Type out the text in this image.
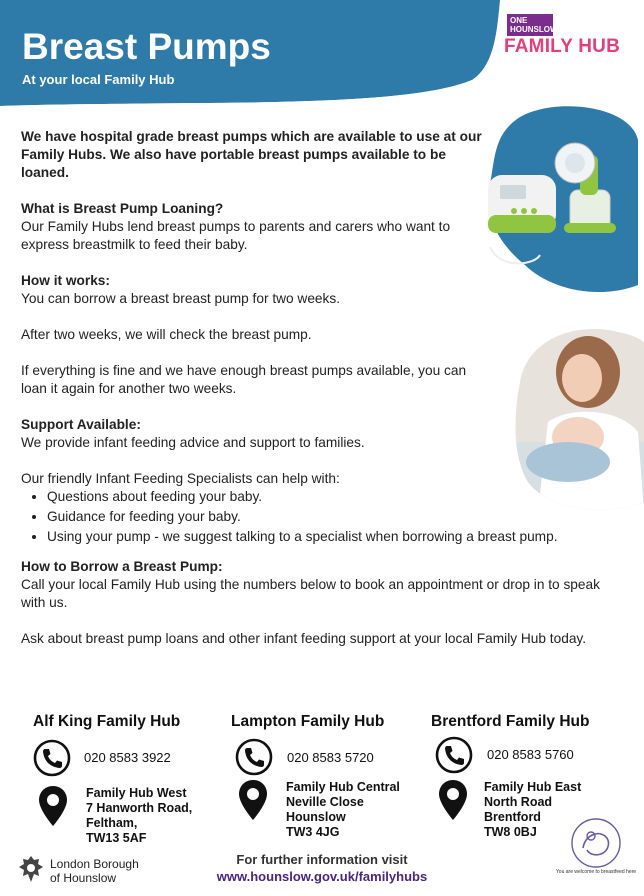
Breast Pumps
At your local Family Hub
ONE HOUNSLOW
FAMILY HUB

We have hospital grade breast pumps which are available to use at our Family Hubs. We also have portable breast pumps available to be loaned.

What is Breast Pump Loaning?

Our Family Hubs lend breast pumps to parents and carers who want to express breastmilk to feed their baby.

How it works:

You can borrow a breast breast pump for two weeks.

After two weeks, we will check the breast pump.

If everything is fine and we have enough breast pumps available, you can loan it again for another two weeks.

Support Available:

We provide infant feeding advice and support to families.

Our friendly Infant Feeding Specialists can help with:

• Questions about feeding your baby.
• Guidance for feeding your baby.
• Using your pump - we suggest talking to a specialist when borrowing a breast pump.

How to Borrow a Breast Pump:

Call your local Family Hub using the numbers below to book an appointment or drop in to speak with us.

Ask about breast pump loans and other infant feeding support at your local Family Hub today.

Alf King Family Hub	Lampton Family Hub	Brentford Family Hub
020 8583 3922	020 8583 5720	020 8583 5760
Family Hub West
7 Hanworth Road,
Feltham,
TW13 5AF
Family Hub Central
Neville Close
Hounslow
TW3 4JG
Family Hub East
North Road
Brentford
TW8 0BJ
London Borough
of Hounslow
For further information visit
www.hounslow.gov.uk/familyhubs	You are welcome to breastfeed here
